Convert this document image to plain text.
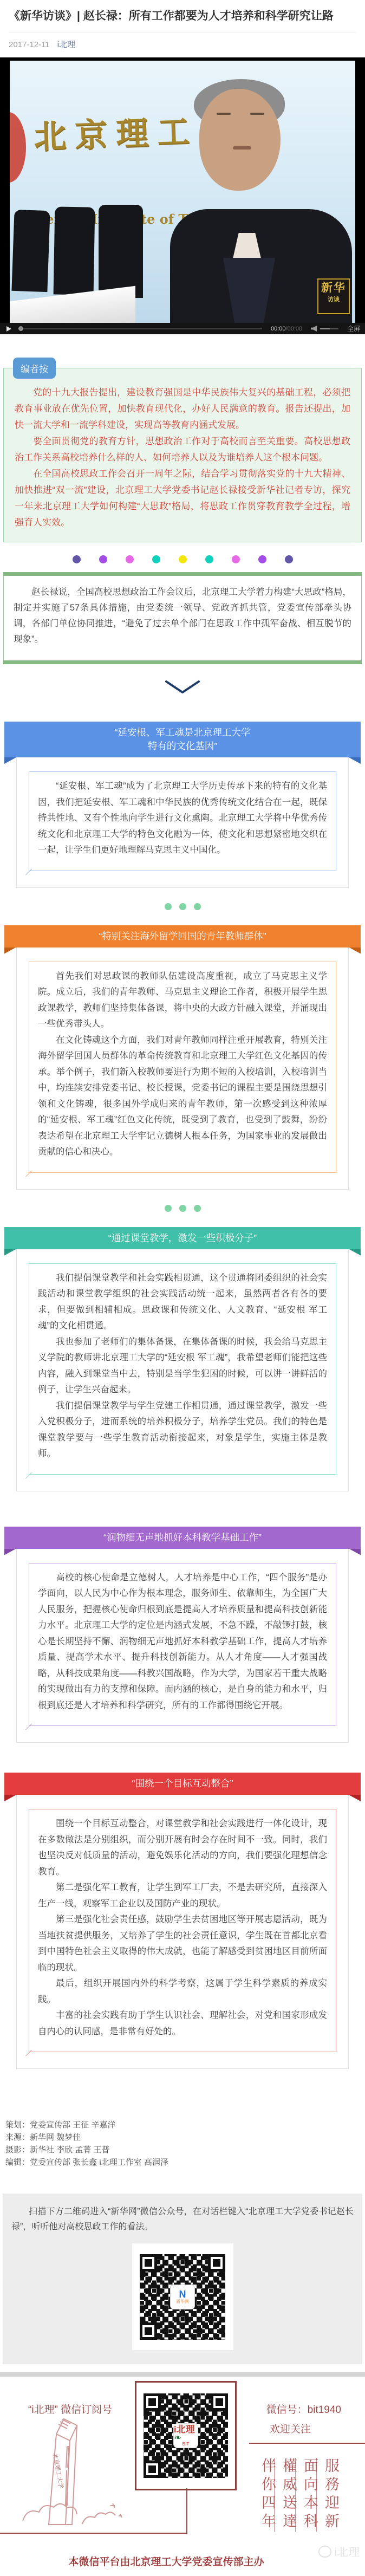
《新华访谈》| 赵长禄：所有工作都要为人才培养和科学研究让路
2017-12-11 i北理
北京理工
of
新华
访谈
00:00/00:00	全屏
编者按

党的十九大报告提出，建设教育强国是中华民族伟大复兴的基础工程，必须把教育事业放在优先位置，加快教育现代化，办好人民满意的教育。报告还提出，加快一流大学和一流学科建设，实现高等教育内涵式发展。

要全面贯彻党的教育方针，思想政治工作对于高校而言至关重要。高校思想政治工作关系高校培养什么样的人、如何培养人以及为谁培养人这个根本问题。

在全国高校思政工作会召开一周年之际，结合学习贯彻落实党的十九大精神、加快推进“双一流”建设，北京理工大学党委书记赵长禄接受新华社记者专访，探究一年来北京理工大学如何构建“大思政”格局，将思政工作贯穿教育教学全过程，增强育人实效。

赵长禄说，全国高校思想政治工作会议后，北京理工大学着力构建“大思政”格局，制定并实施了57条具体措施，由党委统一领导、党政齐抓共管，党委宣传部牵头协调，各部门单位协同推进，“避免了过去单个部门在思政工作中孤军奋战、相互脱节的现象”。

“延安根、军工魂是北京理工大学
特有的文化基因”

“延安根、军工魂”成为了北京理工大学历史传承下来的特有的文化基因，我们把延安根、军工魂和中华民族的优秀传统文化结合在一起，既保持共性地、又有个性地向学生进行文化熏陶。北京理工大学将中华优秀传统文化和北京理工大学的特色文化融为一体，使文化和思想紧密地交织在一起，让学生们更好地理解马克思主义中国化。

“特别关注海外留学回国的青年教师群体”

首先我们对思政课的教师队伍建设高度重视，成立了马克思主义学院。成立后，我们的青年教师、马克思主义理论工作者，积极开展学生思政课教学，教师们坚持集体备课，将中央的大政方针融入课堂，并涌现出一些优秀带头人。

在文化铸魂这个方面，我们对青年教师同样注重开展教育，特别关注海外留学回国人员群体的革命传统教育和北京理工大学红色文化基因的传承。举个例子，我们新入校教师要进行为期不短的入校培训，入校培训当中，均连续安排党委书记、校长授课，党委书记的课程主要是围绕思想引领和文化铸魂，很多国外学成归来的青年教师，第一次感受到这种浓厚的“延安根、军工魂”红色文化传统，既受到了教育，也受到了鼓舞，纷纷表达希望在北京理工大学牢记立德树人根本任务，为国家事业的发展做出贡献的信心和决心。

“通过课堂教学，激发一些积极分子”

我们提倡课堂教学和社会实践相贯通，这个贯通将团委组织的社会实践活动和课堂教学组织的社会实践活动统一起来，虽然两者各有各的要求，但要做到相辅相成。思政课和传统文化、人文教育、“延安根 军工魂”的文化相贯通。

我也参加了老师们的集体备课，在集体备课的时候，我会给马克思主义学院的教师讲北京理工大学的“延安根 军工魂”，我希望老师们能把这些内容，融入到课堂当中去，特别是当学生犯困的时候，可以讲一讲鲜活的例子，让学生兴奋起来。

我们提倡课堂教学与学生党建工作相贯通，通过课堂教学，激发一些入党积极分子，进而系统的培养积极分子，培养学生党员。我们的特色是课堂教学要与一些学生教育活动衔接起来，对象是学生，实施主体是教师。

“润物细无声地抓好本科教学基础工作”

高校的核心使命是立德树人，人才培养是中心工作，“四个服务”是办学面向，以人民为中心作为根本理念，服务师生、依靠师生，为全国广大人民服务，把握核心使命归根到底是提高人才培养质量和提高科技创新能力水平。北京理工大学的定位是内涵式发展，不急不躁，不敲锣打鼓，核心是长期坚持不懈、润物细无声地抓好本科教学基础工作，提高人才培养质量、提高学术水平、提升科技创新能力。从人才角度——人才强国战略，从科技成果角度——科教兴国战略，作为大学，为国家若干重大战略的实现做出有力的支撑和保障。而内涵的核心，是自身的能力和水平，归根到底还是人才培养和科学研究，所有的工作都得围绕它开展。

“围绕一个目标互动整合”

围绕一个目标互动整合，对课堂教学和社会实践进行一体化设计，现在多数做法是分别组织，而分别开展有时会存在时间不一致。同时，我们也坚决反对低质量的活动，避免娱乐化活动的方向，我们要强化理想信念教育。

第二是强化军工教育，让学生到军工厂去，不是去研究所，直接深入生产一线，观察军工企业以及国防产业的现状。

第三是强化社会责任感，鼓励学生去贫困地区等开展志愿活动，既为当地扶贫提供服务，又培养了学生的社会责任意识，学生既在首都北京看到中国特色社会主义取得的伟大成就，也能了解感受到贫困地区目前所面临的现状。

最后，组织开展国内外的科学考察，这属于学生科学素质的养成实践。

丰富的社会实践有助于学生认识社会、理解社会，对党和国家形成发自内心的认同感，是非常有好处的。

策划：党委宣传部 王征 辛嘉洋
来源：新华网 魏梦佳
摄影：新华社 李欣 孟菁 王普
编辑：党委宣传部 张长鑫 i北理工作室 高润泽

扫描下方二维码进入“新华网”微信公众号，在对话栏键入“北京理工大学党委书记赵长禄”，听听他对高校思政工作的看法。

N
新华网
北京理工大学
“i北理” 微信订阅号
i北理❧
BIT
微信号：bit1940
欢迎关注
服務迎新 面向本科 權威送達 伴你四年
本微信平台由北京理工大学党委宣传部主办
i北理
